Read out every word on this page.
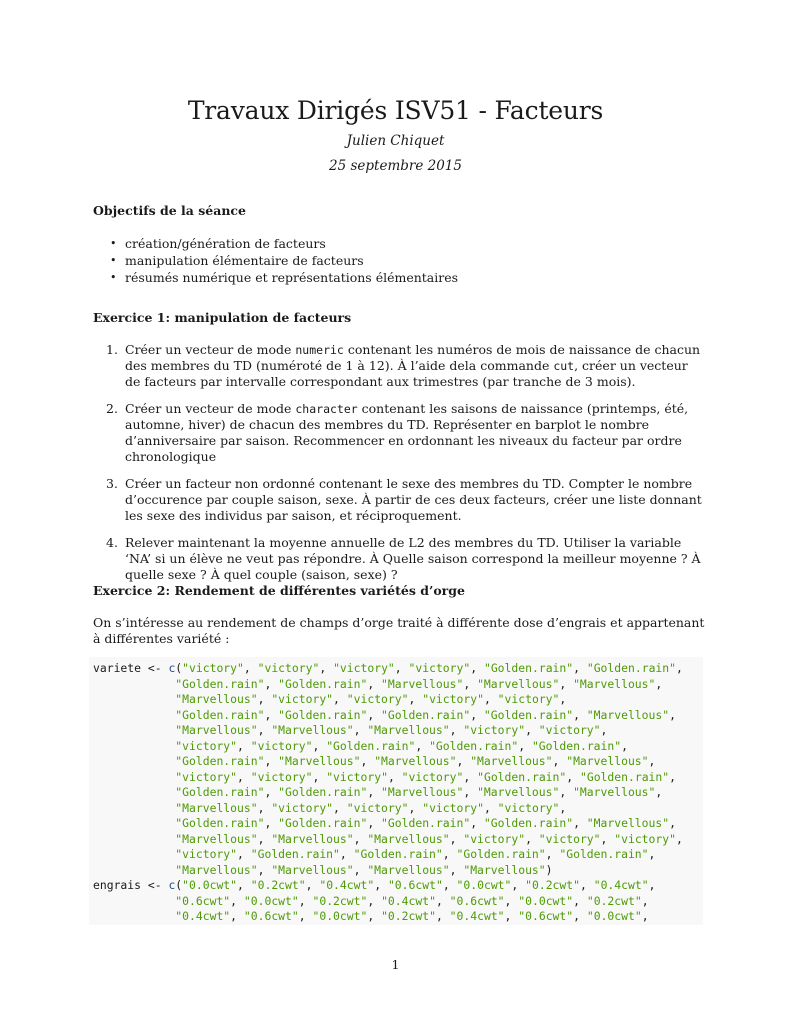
Travaux Dirigés ISV51 - Facteurs
Julien Chiquet
25 septembre 2015
Objectifs de la séance
• création/génération de facteurs
• manipulation élémentaire de facteurs
• résumés numérique et représentations élémentaires
Exercice 1: manipulation de facteurs
1. Créer un vecteur de mode numeric contenant les numéros de mois de naissance de chacun des membres du TD (numéroté de 1 à 12). À l’aide dela commande cut, créer un vecteur de facteurs par intervalle correspondant aux trimestres (par tranche de 3 mois).
2. Créer un vecteur de mode character contenant les saisons de naissance (printemps, été, automne, hiver) de chacun des membres du TD. Représenter en barplot le nombre d’anniversaire par saison. Recommencer en ordonnant les niveaux du facteur par ordre chronologique
3. Créer un facteur non ordonné contenant le sexe des membres du TD. Compter le nombre d’occurence par couple saison, sexe. À partir de ces deux facteurs, créer une liste donnant les sexe des individus par saison, et réciproquement.
4. Relever maintenant la moyenne annuelle de L2 des membres du TD. Utiliser la variable ‘NA’ si un élève ne veut pas répondre. À Quelle saison correspond la meilleur moyenne ? À quelle sexe ? À quel couple (saison, sexe) ?
Exercice 2: Rendement de différentes variétés d’orge
On s’intéresse au rendement de champs d’orge traité à différente dose d’engrais et appartenant à différentes variété :
variete <- c("victory", "victory", "victory", "victory", "Golden.rain", "Golden.rain",
"Golden.rain", "Golden.rain", "Marvellous", "Marvellous", "Marvellous",
"Marvellous", "victory", "victory", "victory", "victory",
"Golden.rain", "Golden.rain", "Golden.rain", "Golden.rain", "Marvellous",
"Marvellous", "Marvellous", "Marvellous", "victory", "victory",
"victory", "victory", "Golden.rain", "Golden.rain", "Golden.rain",
"Golden.rain", "Marvellous", "Marvellous", "Marvellous", "Marvellous",
"victory", "victory", "victory", "victory", "Golden.rain", "Golden.rain",
"Golden.rain", "Golden.rain", "Marvellous", "Marvellous", "Marvellous",
"Marvellous", "victory", "victory", "victory", "victory",
"Golden.rain", "Golden.rain", "Golden.rain", "Golden.rain", "Marvellous",
"Marvellous", "Marvellous", "Marvellous", "victory", "victory", "victory",
"victory", "Golden.rain", "Golden.rain", "Golden.rain", "Golden.rain",
"Marvellous", "Marvellous", "Marvellous", "Marvellous")
engrais <- c("0.0cwt", "0.2cwt", "0.4cwt", "0.6cwt", "0.0cwt", "0.2cwt", "0.4cwt",
"0.6cwt", "0.0cwt", "0.2cwt", "0.4cwt", "0.6cwt", "0.0cwt", "0.2cwt",
"0.4cwt", "0.6cwt", "0.0cwt", "0.2cwt", "0.4cwt", "0.6cwt", "0.0cwt",
1
